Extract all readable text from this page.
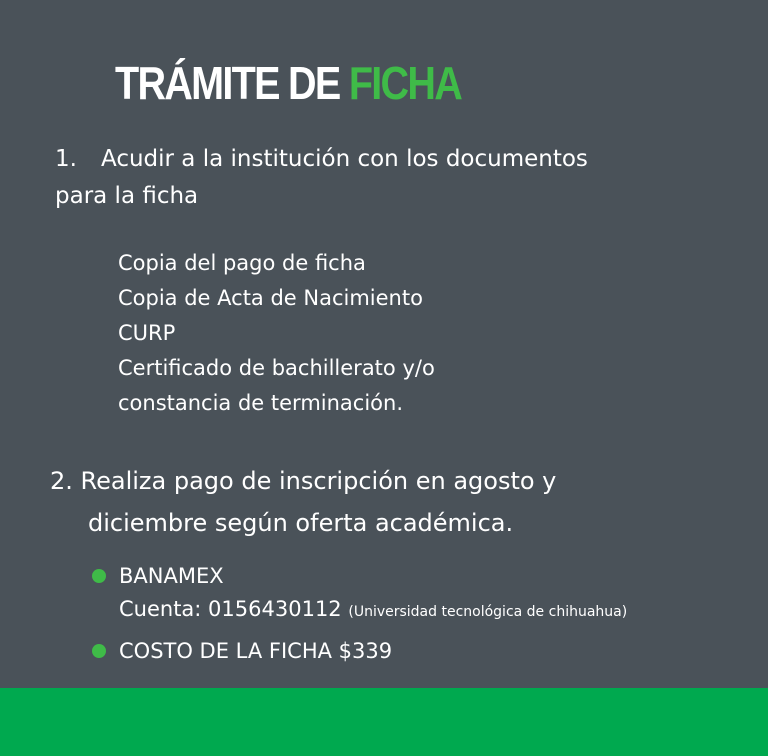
TRÁMITE DE FICHA

1. Acudir a la institución con los documentos
para la ficha

Copia del pago de ficha
Copia de Acta de Nacimiento
CURP
Certificado de bachillerato y/o
constancia de terminación.

2. Realiza pago de inscripción en agosto y
diciembre según oferta académica.

BANAMEX
Cuenta: 0156430112 (Universidad tecnológica de chihuahua)
COSTO DE LA FICHA $339
